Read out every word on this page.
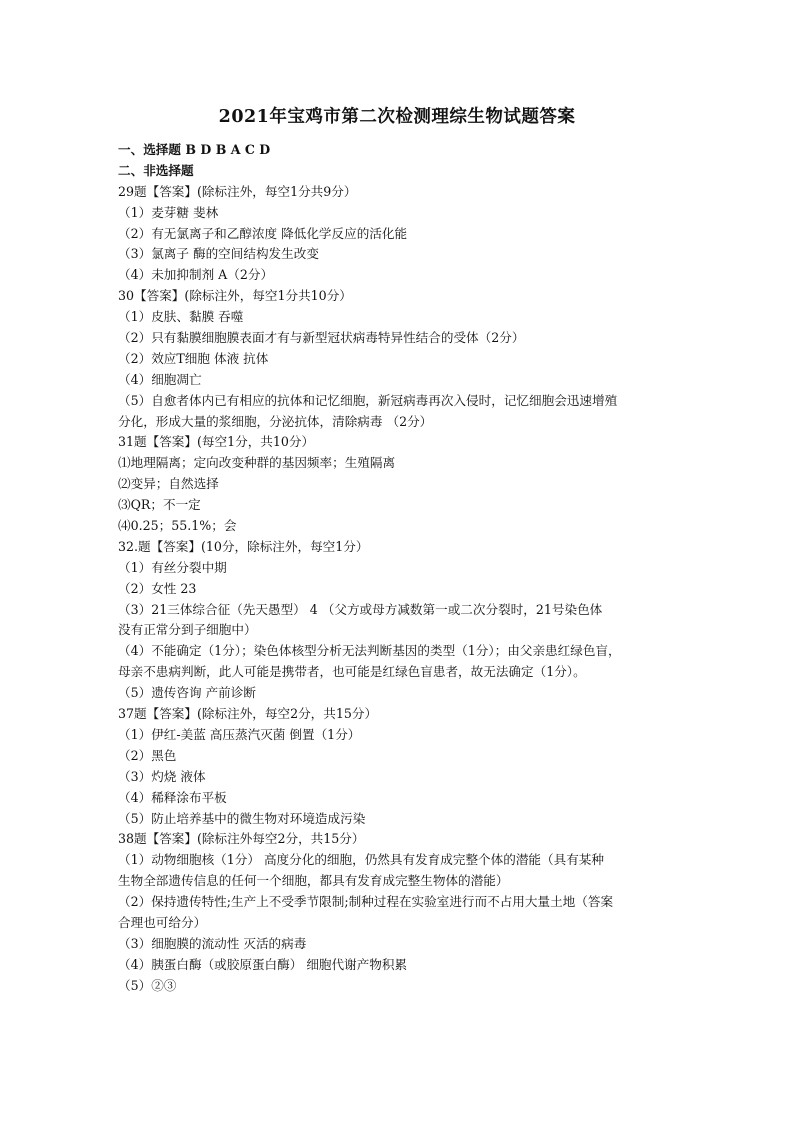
2021年宝鸡市第二次检测理综生物试题答案
一、选择题 B D B A C D
二、非选择题
29题【答案】(除标注外，每空1分共9分）
（1）麦芽糖 斐林
（2）有无氯离子和乙醇浓度 降低化学反应的活化能
（3）氯离子 酶的空间结构发生改变
（4）未加抑制剂 A（2分）
30【答案】(除标注外，每空1分共10分）
（1）皮肤、黏膜 吞噬
（2）只有黏膜细胞膜表面才有与新型冠状病毒特异性结合的受体（2分）
（2）效应T细胞 体液 抗体
（4）细胞凋亡
（5）自愈者体内已有相应的抗体和记忆细胞，新冠病毒再次入侵时，记忆细胞会迅速增殖
分化，形成大量的浆细胞，分泌抗体，清除病毒 （2分）
31题【答案】(每空1分，共10分）
⑴地理隔离；定向改变种群的基因频率；生殖隔离
⑵变异；自然选择
⑶QR；不一定
⑷0.25；55.1%；会
32.题【答案】(10分，除标注外，每空1分）
（1）有丝分裂中期
（2）女性 23
（3）21三体综合征（先天愚型） 4 （父方或母方减数第一或二次分裂时，21号染色体
没有正常分到子细胞中）
（4）不能确定（1分）；染色体核型分析无法判断基因的类型（1分）；由父亲患红绿色盲，
母亲不患病判断，此人可能是携带者，也可能是红绿色盲患者，故无法确定（1分）。
（5）遗传咨询 产前诊断
37题【答案】(除标注外，每空2分，共15分）
（1）伊红-美蓝 高压蒸汽灭菌 倒置（1分）
（2）黑色
（3）灼烧 液体
（4）稀释涂布平板
（5）防止培养基中的微生物对环境造成污染
38题【答案】(除标注外每空2分，共15分）
（1）动物细胞核（1分） 高度分化的细胞，仍然具有发育成完整个体的潜能（具有某种
生物全部遗传信息的任何一个细胞，都具有发育成完整生物体的潜能）
（2）保持遗传特性;生产上不受季节限制;制种过程在实验室进行而不占用大量土地（答案
合理也可给分）
（3）细胞膜的流动性 灭活的病毒
（4）胰蛋白酶（或胶原蛋白酶） 细胞代谢产物积累
（5）②③
